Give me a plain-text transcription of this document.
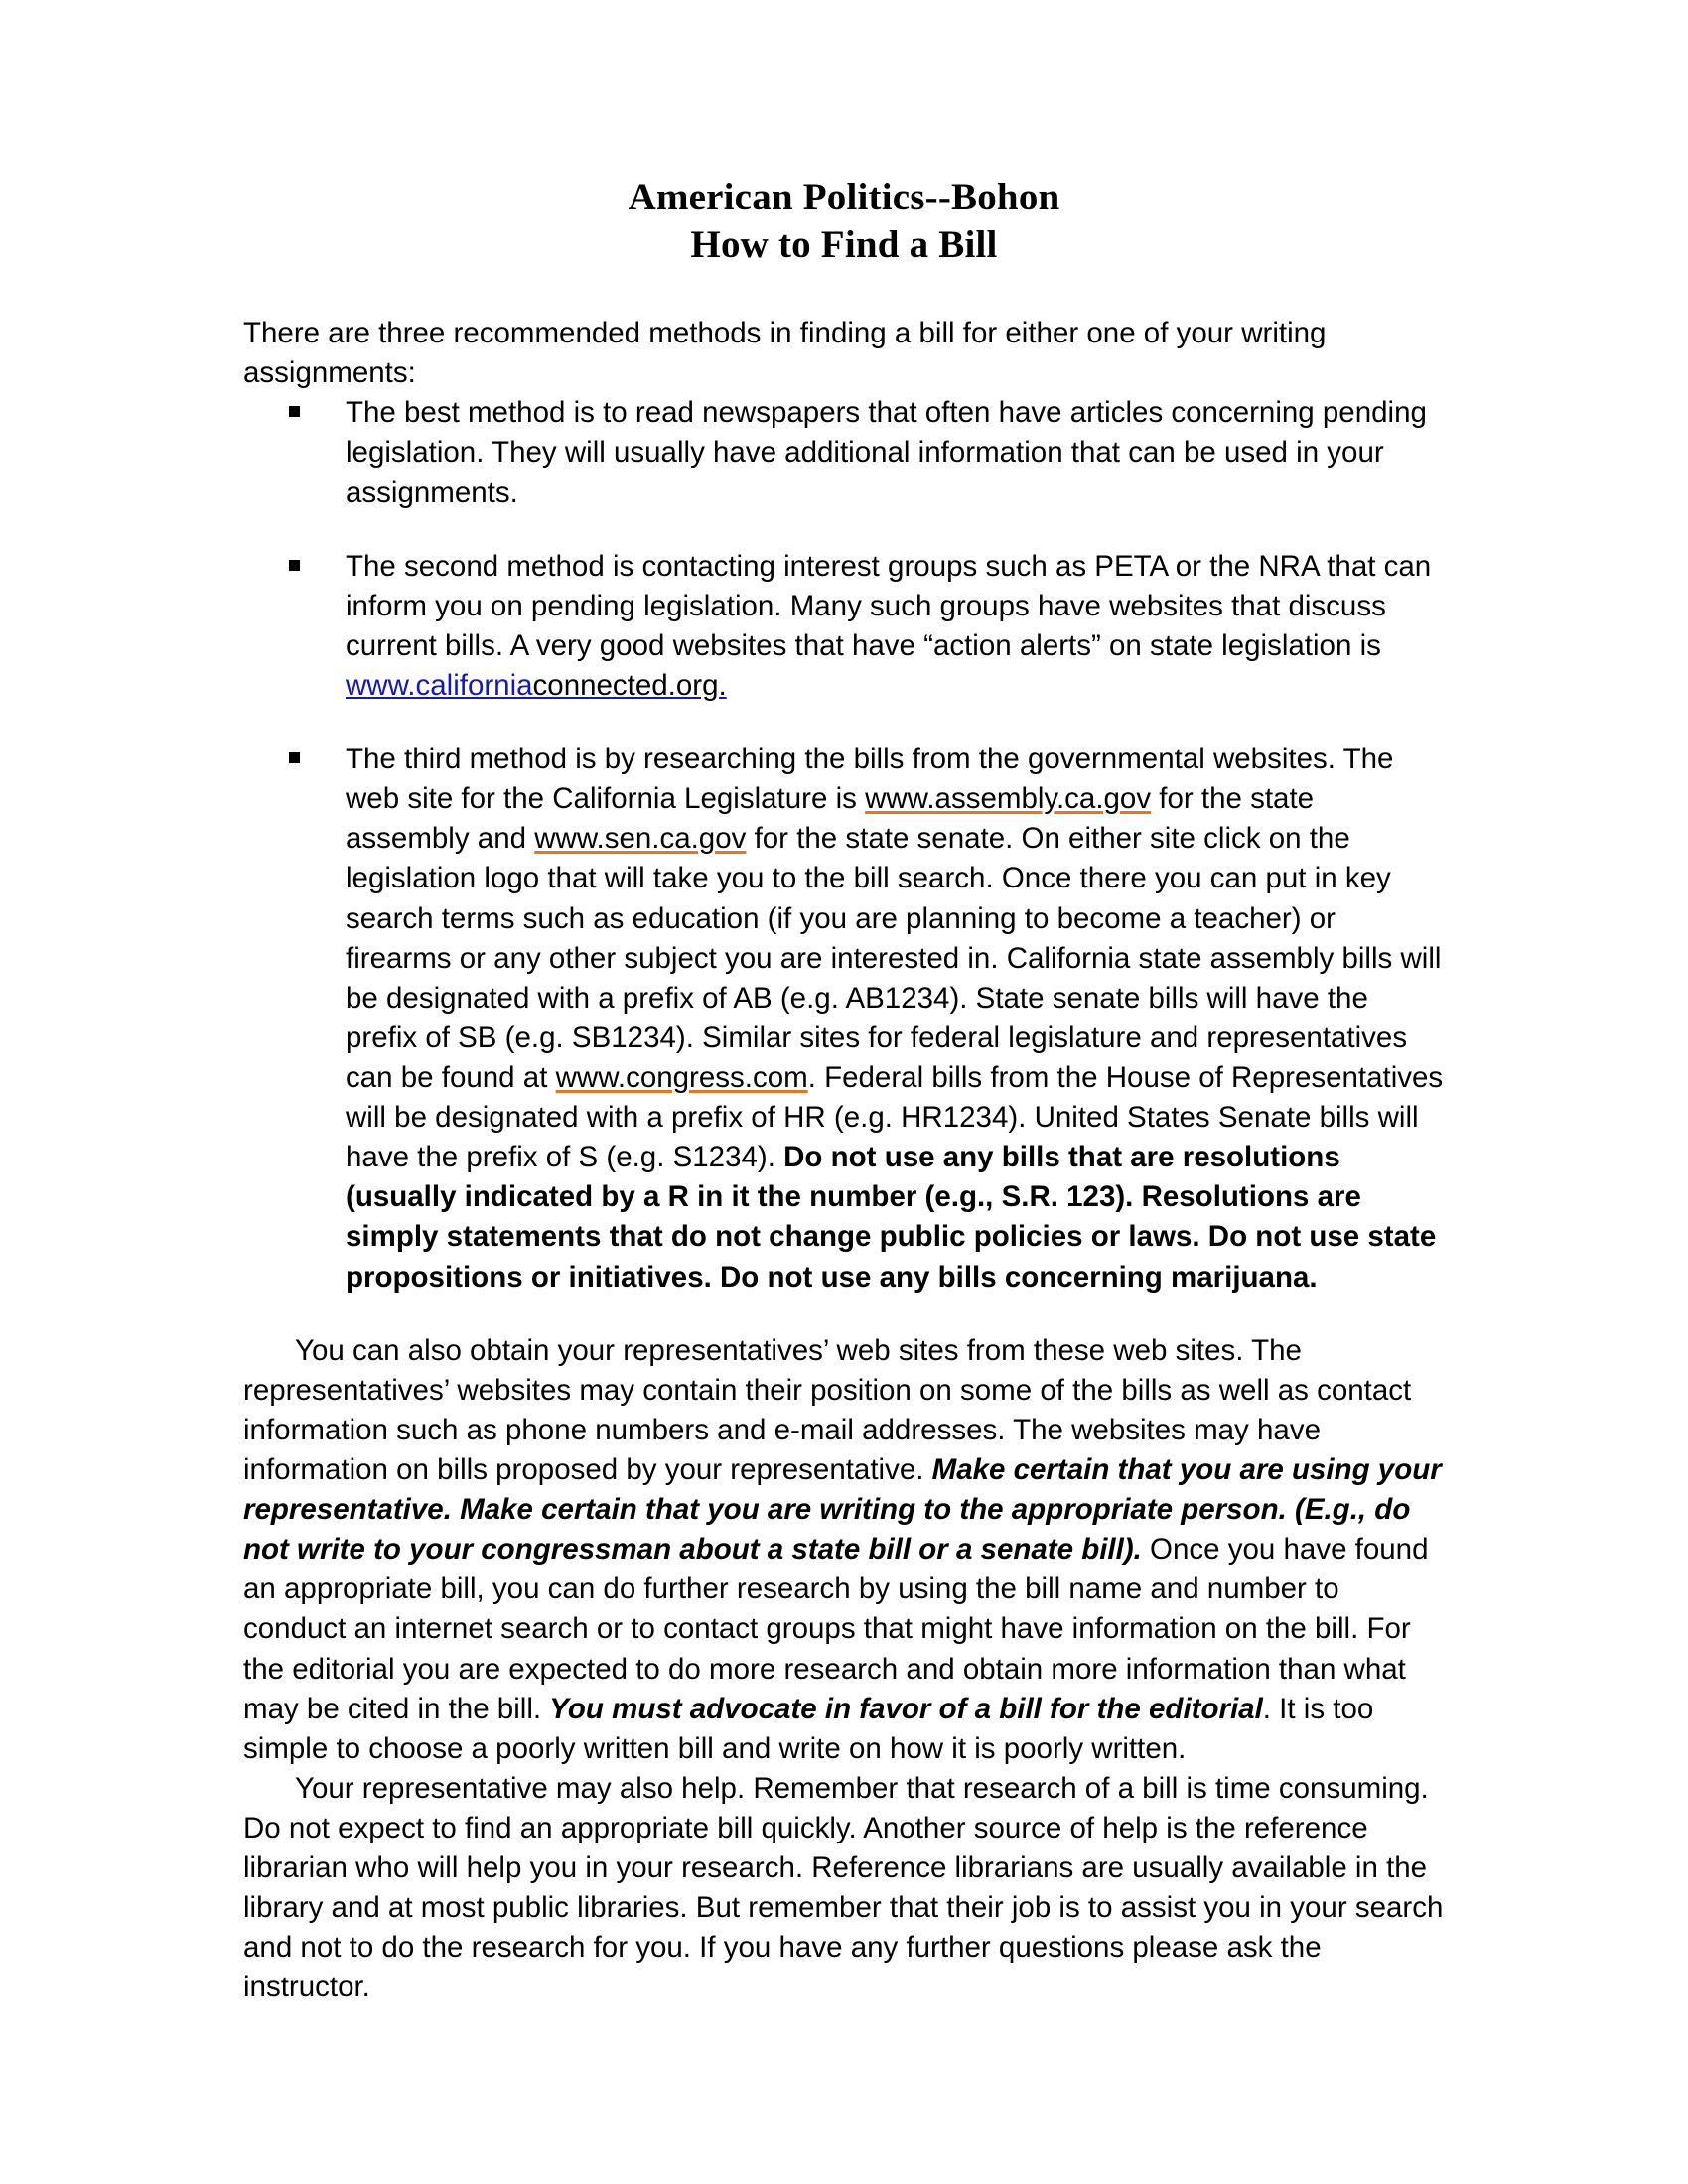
American Politics--Bohon
How to Find a Bill

There are three recommended methods in finding a bill for either one of your writing assignments:

The best method is to read newspapers that often have articles concerning pending legislation. They will usually have additional information that can be used in your assignments.
The second method is contacting interest groups such as PETA or the NRA that can inform you on pending legislation. Many such groups have websites that discuss current bills. A very good websites that have “action alerts” on state legislation is www.californiaconnected.org.
The third method is by researching the bills from the governmental websites. The web site for the California Legislature is www.assembly.ca.gov for the state assembly and www.sen.ca.gov for the state senate. On either site click on the legislation logo that will take you to the bill search. Once there you can put in key search terms such as education (if you are planning to become a teacher) or firearms or any other subject you are interested in. California state assembly bills will be designated with a prefix of AB (e.g. AB1234). State senate bills will have the prefix of SB (e.g. SB1234). Similar sites for federal legislature and representatives can be found at www.congress.com. Federal bills from the House of Representatives will be designated with a prefix of HR (e.g. HR1234). United States Senate bills will have the prefix of S (e.g. S1234). Do not use any bills that are resolutions (usually indicated by a R in it the number (e.g., S.R. 123). Resolutions are simply statements that do not change public policies or laws. Do not use state propositions or initiatives. Do not use any bills concerning marijuana.

You can also obtain your representatives’ web sites from these web sites. The representatives’ websites may contain their position on some of the bills as well as contact information such as phone numbers and e-mail addresses. The websites may have information on bills proposed by your representative. Make certain that you are using your representative. Make certain that you are writing to the appropriate person. (E.g., do not write to your congressman about a state bill or a senate bill). Once you have found an appropriate bill, you can do further research by using the bill name and number to conduct an internet search or to contact groups that might have information on the bill. For the editorial you are expected to do more research and obtain more information than what may be cited in the bill. You must advocate in favor of a bill for the editorial. It is too simple to choose a poorly written bill and write on how it is poorly written.

Your representative may also help. Remember that research of a bill is time consuming. Do not expect to find an appropriate bill quickly. Another source of help is the reference librarian who will help you in your research. Reference librarians are usually available in the library and at most public libraries. But remember that their job is to assist you in your search and not to do the research for you. If you have any further questions please ask the instructor.
